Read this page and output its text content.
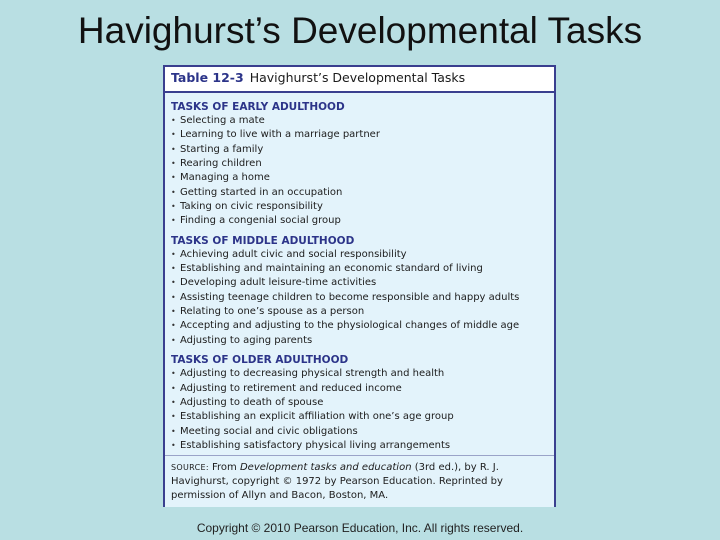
Havighurst’s Developmental Tasks
Table 12-3 Havighurst’s Developmental Tasks
TASKS OF EARLY ADULTHOOD
• Selecting a mate
• Learning to live with a marriage partner
• Starting a family
• Rearing children
• Managing a home
• Getting started in an occupation
• Taking on civic responsibility
• Finding a congenial social group
TASKS OF MIDDLE ADULTHOOD
• Achieving adult civic and social responsibility
• Establishing and maintaining an economic standard of living
• Developing adult leisure-time activities
• Assisting teenage children to become responsible and happy adults
• Relating to one’s spouse as a person
• Accepting and adjusting to the physiological changes of middle age
• Adjusting to aging parents
TASKS OF OLDER ADULTHOOD
• Adjusting to decreasing physical strength and health
• Adjusting to retirement and reduced income
• Adjusting to death of spouse
• Establishing an explicit affiliation with one’s age group
• Meeting social and civic obligations
• Establishing satisfactory physical living arrangements
SOURCE: From Development tasks and education (3rd ed.), by R. J. Havighurst, copyright © 1972 by Pearson Education. Reprinted by permission of Allyn and Bacon, Boston, MA.
Copyright © 2010 Pearson Education, Inc. All rights reserved.
